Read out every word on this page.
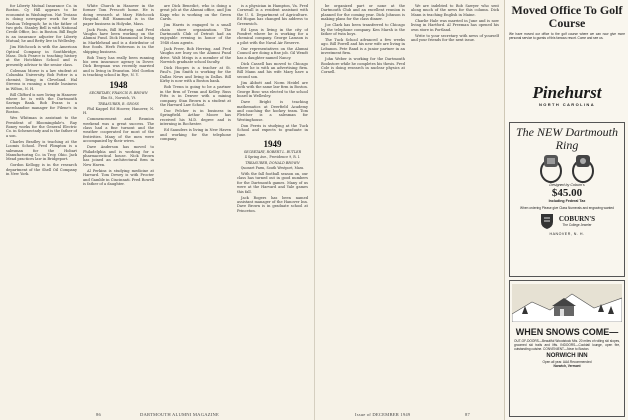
for Liberty Mutual Insurance Co. in Boston. Cy Hill appears to be economist in Washington. Nat Troiano is doing newspaper work for the Nashua Telegraph; he is the father of two girls. Stanley Bell is with National Credit Office, Inc. in Boston. Bill Engle is an insurance adjuster for Liberty Mutual; he and Betty live in Wellesley.

Jim Hitchcock is with the American Optical Company in Southbridge, Mass. Dick Pearce is teaching history at the Hotchkiss School and is presently advisor to the senior class.

Coleman Morse is a law student at Columbia University. Bob Potter is a chemist, living in Cleveland. Hal Stevens is running a textile business in Wilton, N. H.

Bill Clifford is now living in Hanover where he is with the Dartmouth Savings Bank. Bob Evans is a merchandise manager for Filene's in Boston.

Wes Whitman is assistant to the President of Bloomingdale's. Ray Roney works for the General Electric Co. in Schenectady and is the father of a son.

Charles Bradley is teaching at the Loomis School. Fred Plimpton is a salesman for the Hobart Manufacturing Co. in Troy, Ohio. Jack Mead practices law in Bridgeport.

Gordon Kellogg is in the research department of the Shell Oil Company in New York.

White Church in Hanover in the former Tom Prescott home. He is doing research at Mary Hitchcock Hospital. Bill Hammond is in the paper business in Holyoke, Mass.

Jack Fonts, Bill Hartwig, and Fred Vaughn have been working on the Alumni Fund. Dick Hammond is living in Marblehead and is a distributor of fine foods. Herb Patterson is in the shipping business.

Bob Tracy has really been running his own insurance agency in Dover. Dick Bergman was recently married and is living in Evanston. Mel Gordon is teaching school in Rye, N. Y.

1948
SECRETARY, FRANCIS R. BROWN
Elm St., Norwich, Vt.
TREASURER, R. GROSS

Phil Kappel Ed Hoover, Hanover, N. H.

Commencement and Reunion weekend was a great success. The class had a fine turnout and the weather cooperated for most of the festivities. Many of the men were accompanied by their wives.

Dave Anderson has moved to Philadelphia and is working for a pharmaceutical house. Nick Brown has joined an architectural firm in New Haven.

Al Perkins is studying medicine at Harvard. Tom Dewey is with Procter and Gamble in Cincinnati. Fred Rowell is father of a daughter.

are Dick Benedict, who is doing a great job at the Alumni office, and Jim Kapp who is working on the Green Cards.

Jim Harris is engaged to a small chain store organization. The Dartmouth Club of Detroit had an enjoyable evening in honor of the 1948 class agents.

Jack Freer, Bob Herring, and Fred Vaughn are busy on the Alumni Fund drive. Walt Meigs is a member of the Norwich graduate school faculty.

Dick Hoopes is a teacher at St. Paul's. Jim Smith is working for the Dallas News and living in Dallas. Bill Kirby is now with a Boston bank.

Bob Trenn is going to be a partner in the firm of Trenn and Kelley. Russ Pitts is in Denver with a mining company. Stan Brown is a student at the Harvard Law School.

Doc Pelcher is in business in Springfield. Arthur Moore has received his M.D. degree and is interning in Rochester.

Ed Saunders is living in New Haven and working for the telephone company.

is a physician in Hampton, Va. Fred Cornwall is a resident assistant with the U. S. Department of Agriculture. Ed Hogan has changed his address to Greenwich.

Ed Lynn is living in the city of Pomfret where he is working for a chemical company. George Lamson is a pilot with the Naval Air Reserve.

Our representatives on the Alumni Council are doing a fine job. Gil Wendt has a daughter named Nancy.

Dick Cassell has moved to Chicago where he is with an advertising firm. Bill Mann and his wife Mary have a second son.

Jim Abbott and Norm Heidel are both with the same law firm in Boston. George Bosc was elected to the school board in Wellesley.

Dave Bright is teaching mathematics at Deerfield Academy and coaching the hockey team. Tom Fletcher is a salesman for Westinghouse.

Don Ferris is studying at the Tuck School and expects to graduate in June.

1949
SECRETARY, ROBERT L. BUTLER
4 Spring Ave., Providence 9, R. I.
TREASURER, DONALD BROWN
Quonset Farm, South Westport, Mass.

With the fall football season on, our class has turned out in good numbers for the Dartmouth games. Many of us were at the Harvard and Yale games this fall.

Jack Rogers has been named assistant manager of the Hanover Inn. Dave Brown is in graduate school at Princeton.

86	DARTMOUTH ALUMNI MAGAZINE

be organized part or none at the Dartmouth Club and an excellent reunion is planned for the coming year. Dick Johnson is making plans for the class dinner.

Joe Clark has been transferred to Chicago by the telephone company. Ken Marsh is the father of twin boys.

The Tuck School advanced a few weeks ago. Bill Powell and his new wife are living in Lebanon. Pete Rand is a junior partner in an investment firm.

John Weber is working for the Dartmouth Bookstore while he completes his thesis. Fred Cole is doing research in nuclear physics at Cornell.

We are indebted to Bob Sawyer who sent along much of the news for this column. Dick Mann is teaching English in Maine.

Charlie Hale was married in June and is now living in Hartford. Al Freeman has opened his own store in Portland.

Write to your secretary with news of yourself and your friends for the next issue.

Issue of DECEMBER 1949	87
Moved Office To Golf Course
We have moved our office to the golf course where we can now give more personal service to guests of this famous resort. Come and see us.
Pinehurst
NORTH CAROLINA
The NEW Dartmouth Ring
Designed by Coburn's
$45.00
Including Federal Tax
When ordering Please give Class Numerals and engraving wanted
COBURN'S
The College Jeweler
HANOVER, N. H.
WHEN SNOWS COME—
OUT-OF-DOORS—Beautiful Woodstock Mts. 20 miles of rolling ski slopes, groomed ski trails and lifts. INDOORS—Cocktail lounge, open fire, outstanding cuisine. CONVENIENT—Near to Boston.
NORWICH INN
Open all year. AAA Recommended
Norwich, Vermont
